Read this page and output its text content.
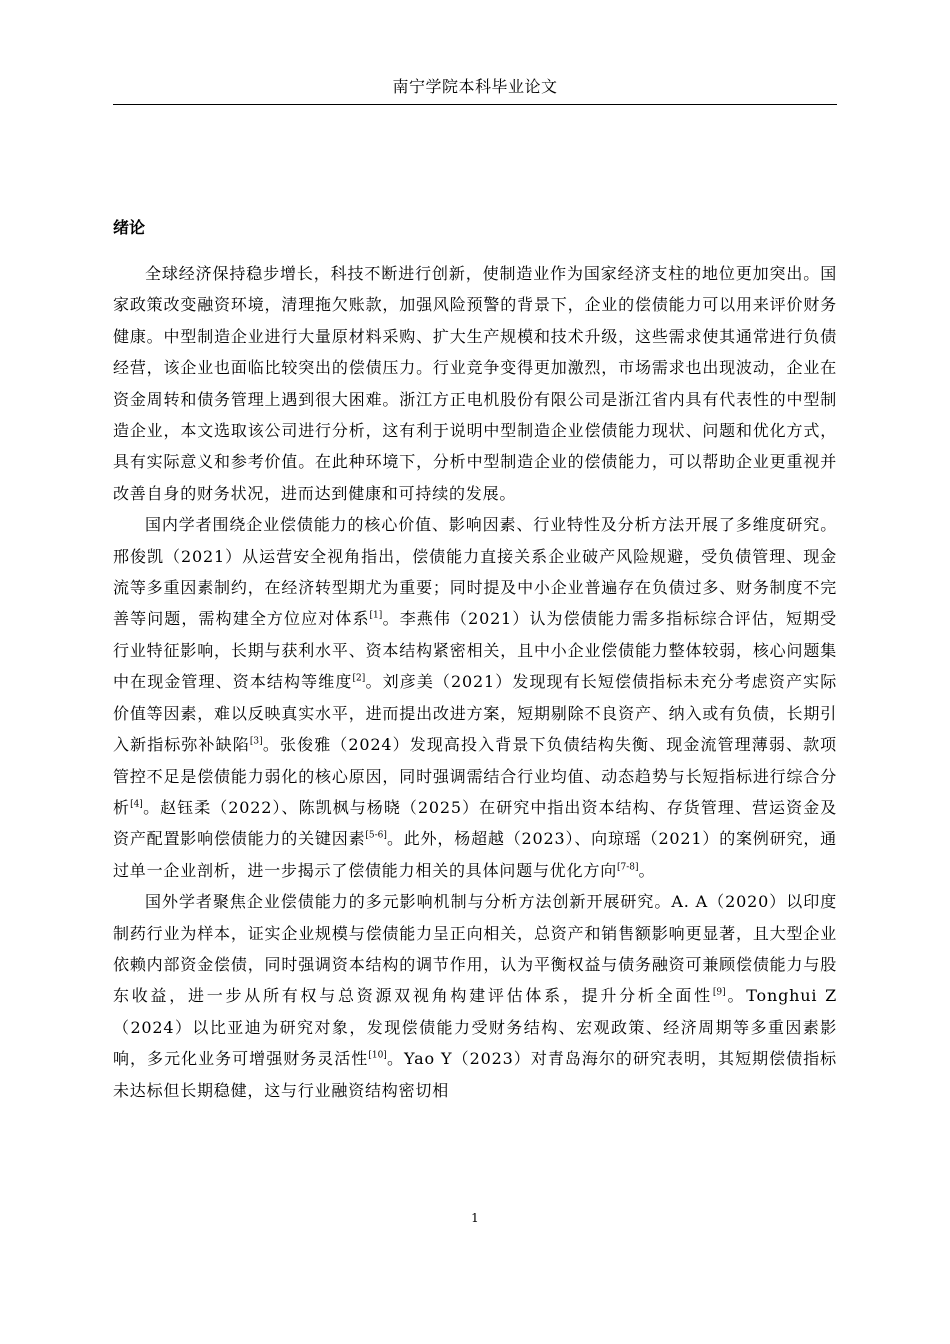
南宁学院本科毕业论文
绪论

全球经济保持稳步增长，科技不断进行创新，使制造业作为国家经济支柱的地位更加突出。国家政策改变融资环境，清理拖欠账款，加强风险预警的背景下，企业的偿债能力可以用来评价财务健康。中型制造企业进行大量原材料采购、扩大生产规模和技术升级，这些需求使其通常进行负债经营，该企业也面临比较突出的偿债压力。行业竞争变得更加激烈，市场需求也出现波动，企业在资金周转和债务管理上遇到很大困难。浙江方正电机股份有限公司是浙江省内具有代表性的中型制造企业，本文选取该公司进行分析，这有利于说明中型制造企业偿债能力现状、问题和优化方式，具有实际意义和参考价值。在此种环境下，分析中型制造企业的偿债能力，可以帮助企业更重视并改善自身的财务状况，进而达到健康和可持续的发展。

国内学者围绕企业偿债能力的核心价值、影响因素、行业特性及分析方法开展了多维度研究。邢俊凯（2021）从运营安全视角指出，偿债能力直接关系企业破产风险规避，受负债管理、现金流等多重因素制约，在经济转型期尤为重要；同时提及中小企业普遍存在负债过多、财务制度不完善等问题，需构建全方位应对体系[1]。李燕伟（2021）认为偿债能力需多指标综合评估，短期受行业特征影响，长期与获利水平、资本结构紧密相关，且中小企业偿债能力整体较弱，核心问题集中在现金管理、资本结构等维度[2]。刘彦美（2021）发现现有长短偿债指标未充分考虑资产实际价值等因素，难以反映真实水平，进而提出改进方案，短期剔除不良资产、纳入或有负债，长期引入新指标弥补缺陷[3]。张俊雅（2024）发现高投入背景下负债结构失衡、现金流管理薄弱、款项管控不足是偿债能力弱化的核心原因，同时强调需结合行业均值、动态趋势与长短指标进行综合分析[4]。赵钰柔（2022）、陈凯枫与杨晓（2025）在研究中指出资本结构、存货管理、营运资金及资产配置影响偿债能力的关键因素[5-6]。此外，杨超越（2023）、向琼瑶（2021）的案例研究，通过单一企业剖析，进一步揭示了偿债能力相关的具体问题与优化方向[7-8]。

国外学者聚焦企业偿债能力的多元影响机制与分析方法创新开展研究。A. A（2020）以印度制药行业为样本，证实企业规模与偿债能力呈正向相关，总资产和销售额影响更显著，且大型企业依赖内部资金偿债，同时强调资本结构的调节作用，认为平衡权益与债务融资可兼顾偿债能力与股东收益，进一步从所有权与总资源双视角构建评估体系，提升分析全面性[9]。Tonghui Z（2024）以比亚迪为研究对象，发现偿债能力受财务结构、宏观政策、经济周期等多重因素影响，多元化业务可增强财务灵活性[10]。Yao Y（2023）对青岛海尔的研究表明，其短期偿债指标未达标但长期稳健，这与行业融资结构密切相

1
